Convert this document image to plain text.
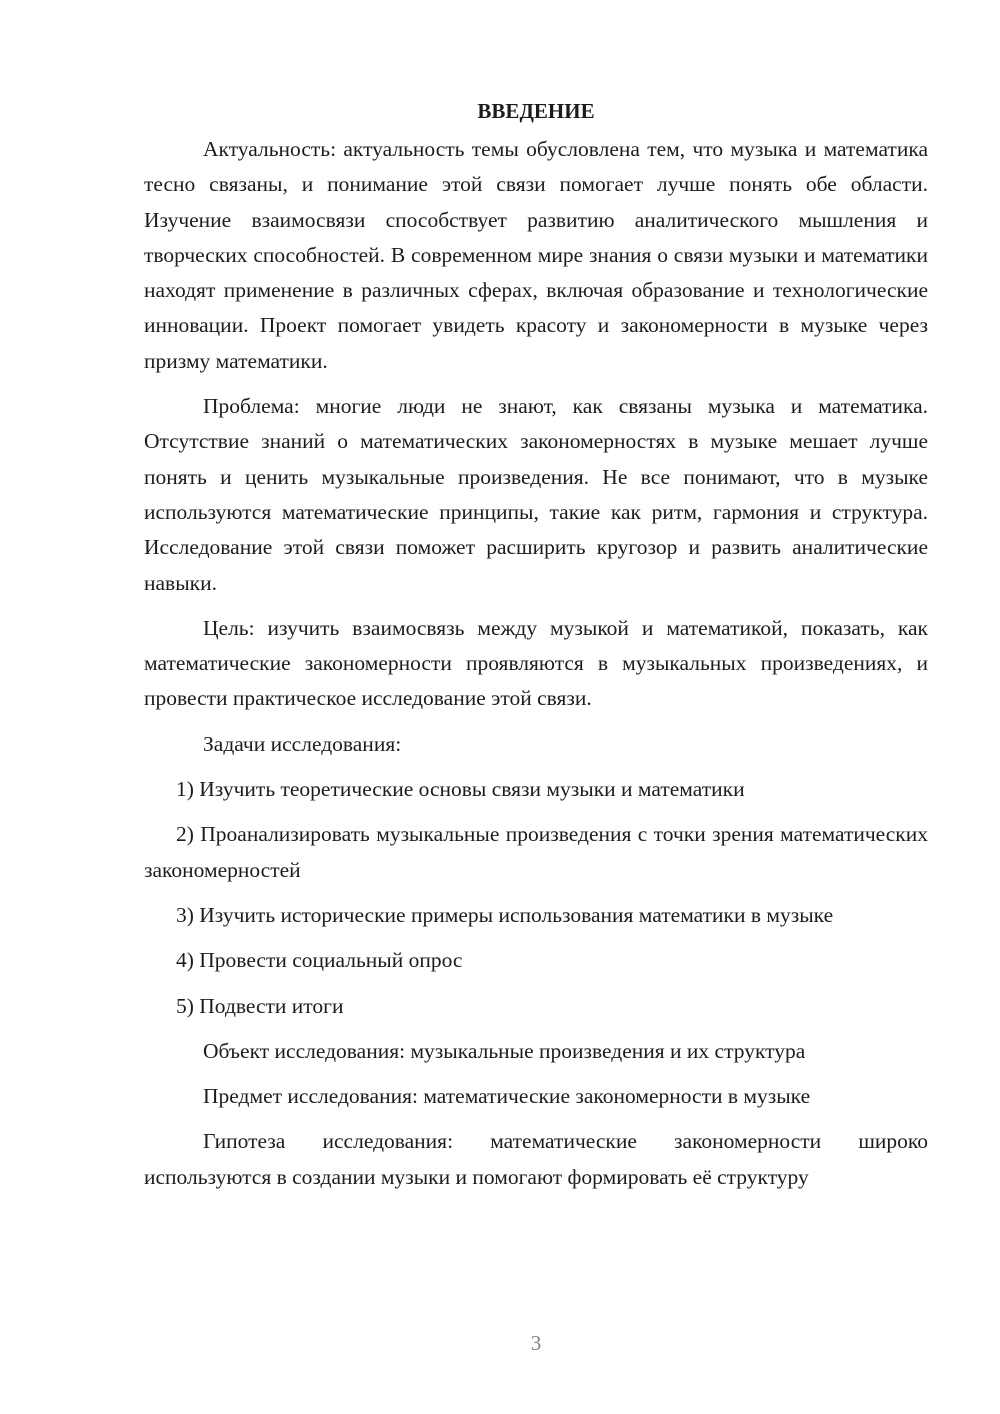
ВВЕДЕНИЕ

Актуальность: актуальность темы обусловлена тем, что музыка и математика тесно связаны, и понимание этой связи помогает лучше понять обе области. Изучение взаимосвязи способствует развитию аналитического мышления и творческих способностей. В современном мире знания о связи музыки и математики находят применение в различных сферах, включая образование и технологические инновации. Проект помогает увидеть красоту и закономерности в музыке через призму математики.

Проблема: многие люди не знают, как связаны музыка и математика. Отсутствие знаний о математических закономерностях в музыке мешает лучше понять и ценить музыкальные произведения. Не все понимают, что в музыке используются математические принципы, такие как ритм, гармония и структура. Исследование этой связи поможет расширить кругозор и развить аналитические навыки.

Цель: изучить взаимосвязь между музыкой и математикой, показать, как математические закономерности проявляются в музыкальных произведениях, и провести практическое исследование этой связи.

Задачи исследования:

1) Изучить теоретические основы связи музыки и математики

2) Проанализировать музыкальные произведения с точки зрения математических закономерностей

3) Изучить исторические примеры использования математики в музыке

4) Провести социальный опрос

5) Подвести итоги

Объект исследования: музыкальные произведения и их структура

Предмет исследования: математические закономерности в музыке

Гипотеза исследования: математические закономерности широко используются в создании музыки и помогают формировать её структуру

3
